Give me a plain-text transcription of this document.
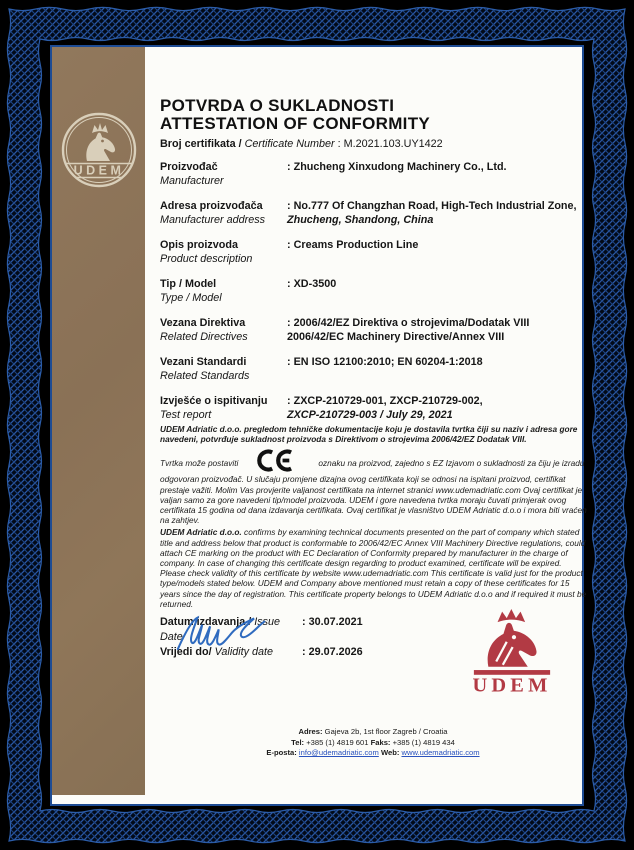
UDEM
POTVRDA O SUKLADNOSTI
ATTESTATION OF CONFORMITY
Broj certifikata / Certificate Number : M.2021.103.UY1422
Proizvođač
Manufacturer
: Zhucheng Xinxudong Machinery Co., Ltd.
Adresa proizvođača
Manufacturer address
: No.777 Of Changzhan Road, High-Tech Industrial Zone,
Zhucheng, Shandong, China
Opis proizvoda
Product description
: Creams Production Line
Tip / Model
Type / Model
: XD-3500
Vezana Direktiva
Related Directives
: 2006/42/EZ Direktiva o strojevima/Dodatak VIII
2006/42/EC Machinery Directive/Annex VIII
Vezani Standardi
Related Standards
: EN ISO 12100:2010; EN 60204-1:2018
Izvješće o ispitivanju
Test report
: ZXCP-210729-001, ZXCP-210729-002,
ZXCP-210729-003 / July 29, 2021

UDEM Adriatic d.o.o. pregledom tehničke dokumentacije koju je dostavila tvrtka čiji su naziv i adresa gore navedeni, potvrđuje sukladnost proizvoda s Direktivom o strojevima 2006/42/EZ Dodatak VIII.

Tvrtka može postaviti	oznaku na proizvod, zajedno s EZ Izjavom o sukladnosti za čiju je izradu odgovoran proizvođač. U slučaju promjene dizajna ovog certifikata koji se odnosi na ispitani proizvod, certifikat prestaje važiti. Molim Vas provjerite valjanost certifikata na internet stranici www.udemadriatic.com Ovaj certifikat je valjan samo za gore navedeni tip/model proizvoda. UDEM i gore navedena tvrtka moraju čuvati primjerak ovog certifikata 15 godina od dana izdavanja certifikata. Ovaj certifikat je vlasništvo UDEM Adriatic d.o.o i mora biti vraćen na zahtjev.

UDEM Adriatic d.o.o. confirms by examining technical documents presented on the part of company which stated title and address below that product is conformable to 2006/42/EC Annex VIII Machinery Directive regulations, could attach CE marking on the product with EC Declaration of Conformity prepared by manufacturer in the charge of company. In case of changing this certificate design regarding to product examined, certificate will be expired. Please check validity of this certificate by website www.udemadriatic.com This certificate is valid just for the product type/models stated below. UDEM and Company above mentioned must retain a copy of these certificates for 15 years since the day of registration. This certificate property belongs to UDEM Adriatic d.o.o and if required it must be returned.

Datum izdavanja / Issue Date
: 30.07.2021
Vrijedi do/ Validity date	: 29.07.2026
UDEM
Adres: Gajeva 2b, 1st floor Zagreb / Croatia
Tel: +385 (1) 4819 601 Faks: +385 (1) 4819 434
E-posta: info@udemadriatic.com Web: www.udemadriatic.com
